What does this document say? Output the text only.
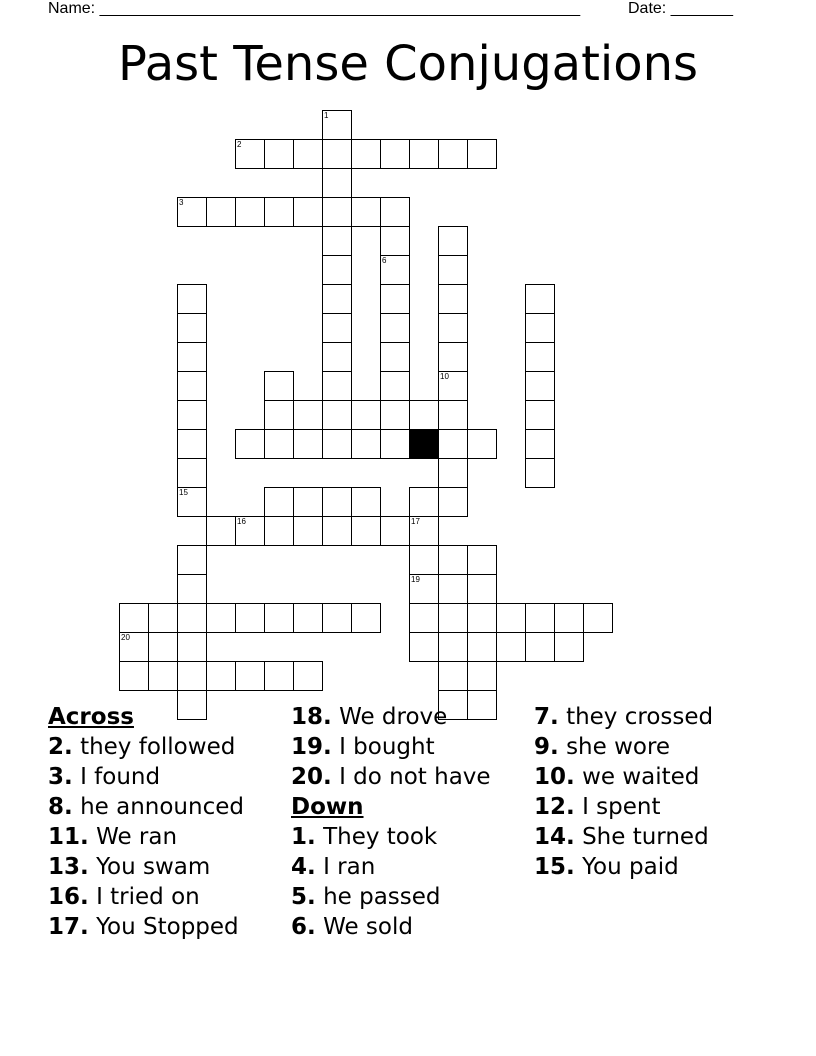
Name: ______________________________________________________	Date: _______
Past Tense Conjugations
1
2
3
10
6
16	17
19
15
20
Across
2. they followed
3. I found
8. he announced
11. We ran
13. You swam
16. I tried on
17. You Stopped
18. We drove
19. I bought
20. I do not have
Down
1. They took
4. I ran
5. he passed
6. We sold
7. they crossed
9. she wore
10. we waited
12. I spent
14. She turned
15. You paid
